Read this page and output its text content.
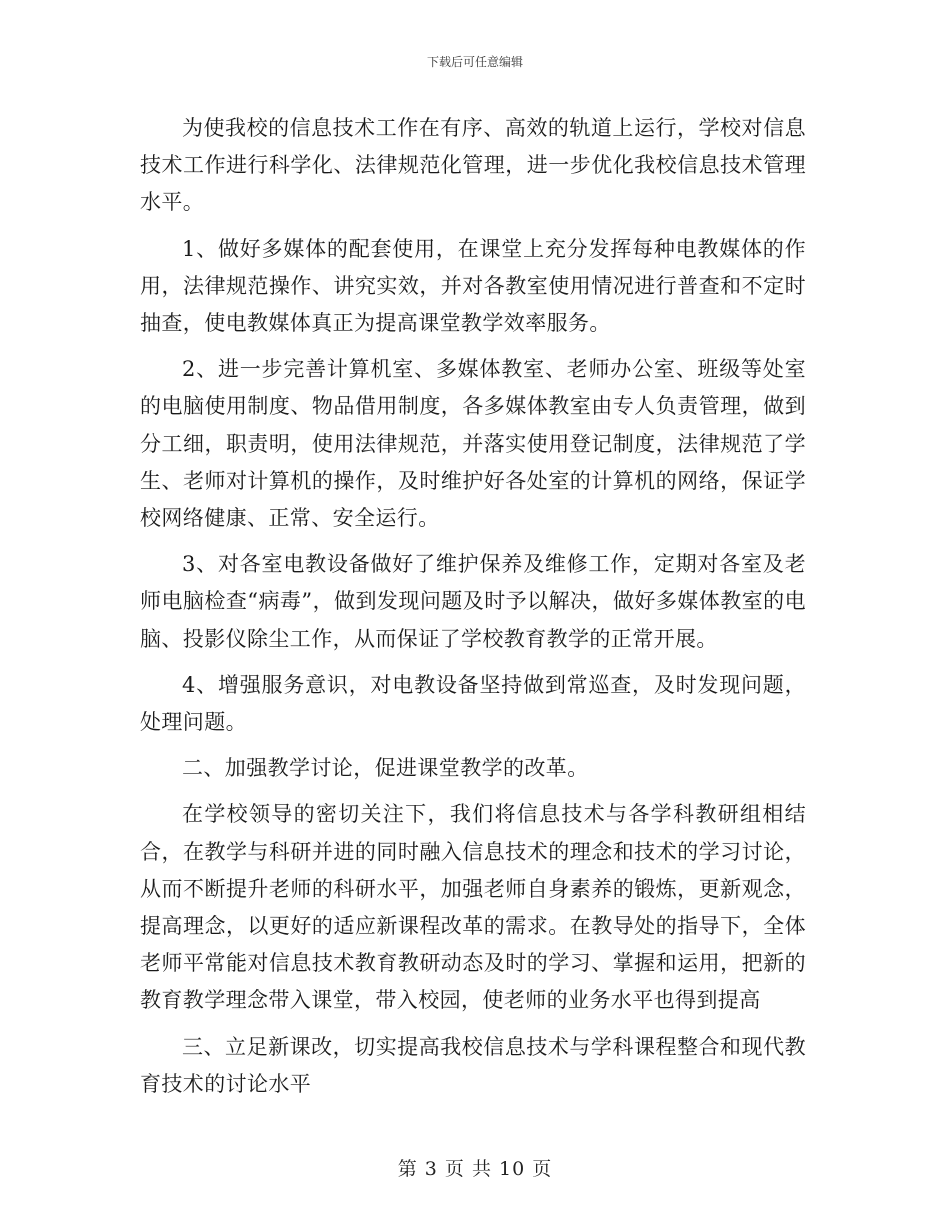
下载后可任意编辑

为使我校的信息技术工作在有序、高效的轨道上运行，学校对信息技术工作进行科学化、法律规范化管理，进一步优化我校信息技术管理水平。

1、做好多媒体的配套使用，在课堂上充分发挥每种电教媒体的作用，法律规范操作、讲究实效，并对各教室使用情况进行普查和不定时抽查，使电教媒体真正为提高课堂教学效率服务。

2、进一步完善计算机室、多媒体教室、老师办公室、班级等处室的电脑使用制度、物品借用制度，各多媒体教室由专人负责管理，做到分工细，职责明，使用法律规范，并落实使用登记制度，法律规范了学生、老师对计算机的操作，及时维护好各处室的计算机的网络，保证学校网络健康、正常、安全运行。

3、对各室电教设备做好了维护保养及维修工作，定期对各室及老师电脑检查“病毒”，做到发现问题及时予以解决，做好多媒体教室的电脑、投影仪除尘工作，从而保证了学校教育教学的正常开展。

4、增强服务意识，对电教设备坚持做到常巡查，及时发现问题，处理问题。

二、加强教学讨论，促进课堂教学的改革。

在学校领导的密切关注下，我们将信息技术与各学科教研组相结合，在教学与科研并进的同时融入信息技术的理念和技术的学习讨论，从而不断提升老师的科研水平，加强老师自身素养的锻炼，更新观念，提高理念，以更好的适应新课程改革的需求。在教导处的指导下，全体老师平常能对信息技术教育教研动态及时的学习、掌握和运用，把新的教育教学理念带入课堂，带入校园，使老师的业务水平也得到提高

三、立足新课改，切实提高我校信息技术与学科课程整合和现代教育技术的讨论水平

第 3 页 共 10 页
